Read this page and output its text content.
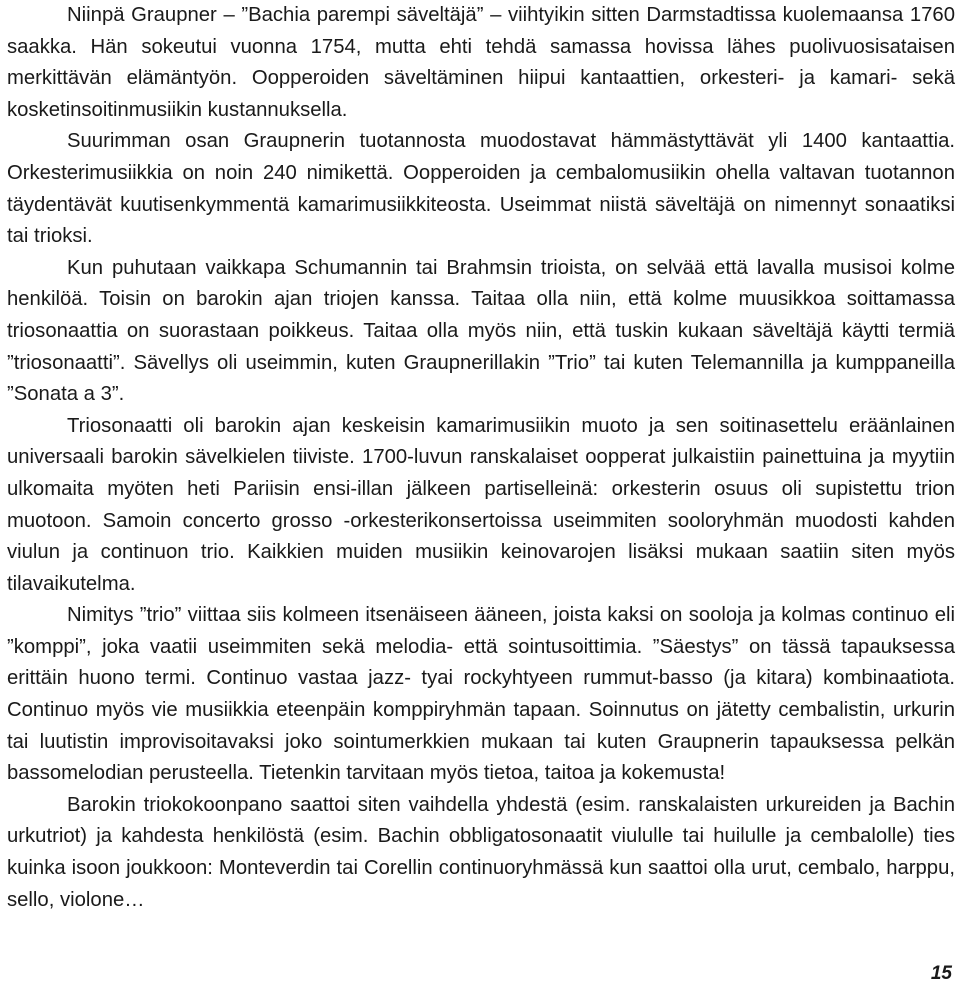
Niinpä Graupner – ”Bachia parempi säveltäjä” – viihtyikin sitten Darmstadtissa kuolemaansa 1760 saakka. Hän sokeutui vuonna 1754, mutta ehti tehdä samassa hovissa lähes puolivuosisataisen merkittävän elämäntyön. Oopperoiden säveltäminen hiipui kantaattien, orkesteri- ja kamari- sekä kosketinsoitinmusiikin kustannuksella.

Suurimman osan Graupnerin tuotannosta muodostavat hämmästyttävät yli 1400 kantaattia. Orkesterimusiikkia on noin 240 nimikettä. Oopperoiden ja cembalomusiikin ohella valtavan tuotannon täydentävät kuutisenkymmentä kamarimusiikkiteosta. Useimmat niistä säveltäjä on nimennyt sonaatiksi tai trioksi.

Kun puhutaan vaikkapa Schumannin tai Brahmsin trioista, on selvää että lavalla musisoi kolme henkilöä. Toisin on barokin ajan triojen kanssa. Taitaa olla niin, että kolme muusikkoa soittamassa triosonaattia on suorastaan poikkeus. Taitaa olla myös niin, että tuskin kukaan säveltäjä käytti termiä ”triosonaatti”. Sävellys oli useimmin, kuten Graupnerillakin ”Trio” tai kuten Telemannilla ja kumppaneilla ”Sonata a 3”.

Triosonaatti oli barokin ajan keskeisin kamarimusiikin muoto ja sen soitinasettelu eräänlainen universaali barokin sävelkielen tiiviste. 1700-luvun ranskalaiset oopperat julkaistiin painettuina ja myytiin ulkomaita myöten heti Pariisin ensi-illan jälkeen partiselleinä: orkesterin osuus oli supistettu trion muotoon. Samoin concerto grosso -orkesterikonsertoissa useimmiten sooloryhmän muodosti kahden viulun ja continuon trio. Kaikkien muiden musiikin keinovarojen lisäksi mukaan saatiin siten myös tilavaikutelma.

Nimitys ”trio” viittaa siis kolmeen itsenäiseen ääneen, joista kaksi on sooloja ja kolmas continuo eli ”komppi”, joka vaatii useimmiten sekä melodia- että sointusoittimia. ”Säestys” on tässä tapauksessa erittäin huono termi. Continuo vastaa jazz- tyai rockyhtyeen rummut-basso (ja kitara) kombinaatiota. Continuo myös vie musiikkia eteenpäin komppiryhmän tapaan. Soinnutus on jätetty cembalistin, urkurin tai luutistin improvisoitavaksi joko sointumerkkien mukaan tai kuten Graupnerin tapauksessa pelkän bassomelodian perusteella. Tietenkin tarvitaan myös tietoa, taitoa ja kokemusta!

Barokin triokokoonpano saattoi siten vaihdella yhdestä (esim. ranskalaisten urkureiden ja Bachin urkutriot) ja kahdesta henkilöstä (esim. Bachin obbligatosonaatit viululle tai huilulle ja cembalolle) ties kuinka isoon joukkoon: Monteverdin tai Corellin continuoryhmässä kun saattoi olla urut, cembalo, harppu, sello, violone…

15
